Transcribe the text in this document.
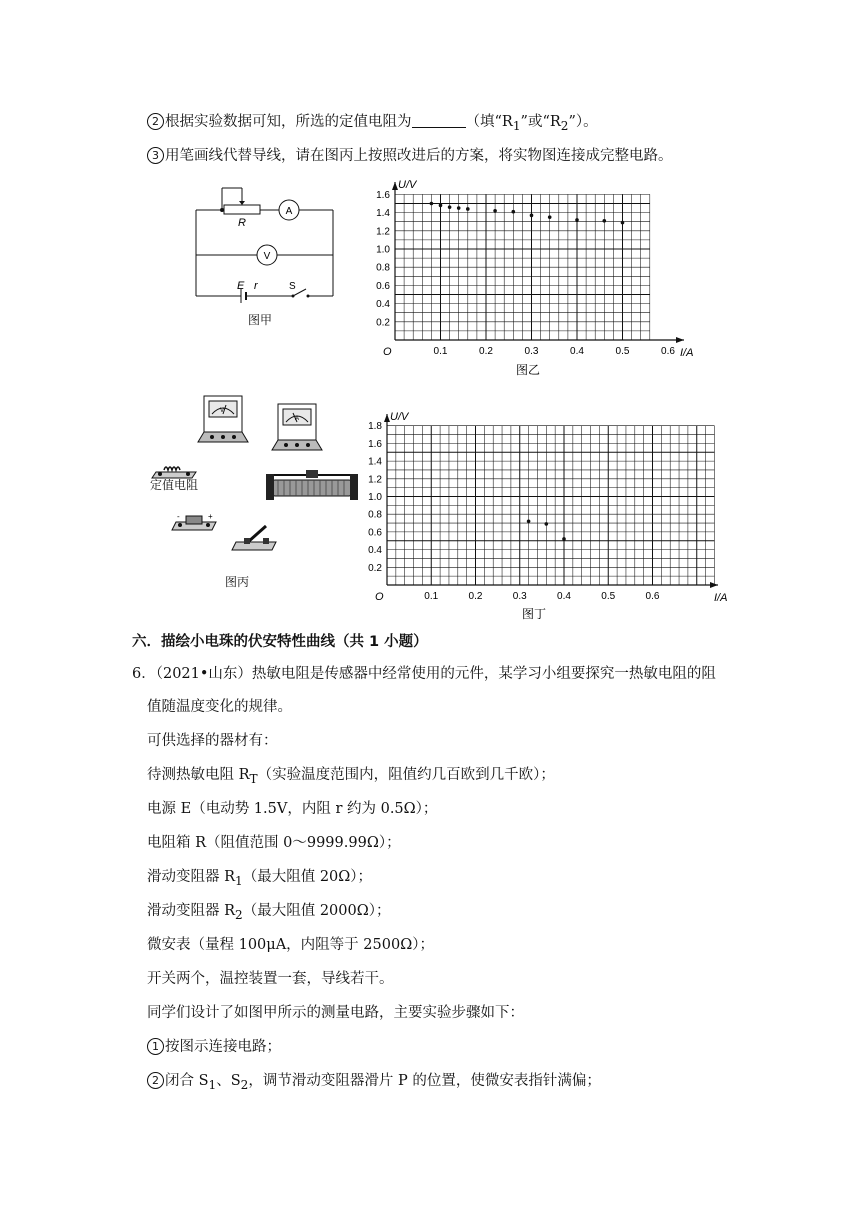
2 根据实验数据可知，所选的定值电阻为	（填“$R_1$”或“$R_2$”）。
3 用笔画线代替导线，请在图丙上按照改进后的方案，将实物图连接成完整电路。
R
A
V
E r	S
图甲
0.1	0.2	0.3	0.4	0.5	0.6
0.2
0.4
0.6
0.8
1.0
1.2
1.4
1.6
O
U/V
I/A
图乙
V
A
-	+
定值电阻
图丙
0.1	0.2	0.3	0.4	0.5	0.6
0.2
0.4
0.6
0.8
1.0
1.2
1.4
1.6
1.8
O
U/V
I/A
图丁
六．描绘小电珠的伏安特性曲线（共 1 小题）
6．（2021•山东）热敏电阻是传感器中经常使用的元件，某学习小组要探究一热敏电阻的阻
值随温度变化的规律。
可供选择的器材有：
待测热敏电阻 $R_T$（实验温度范围内，阻值约几百欧到几千欧）；
电源 E（电动势 1.5V，内阻 r 约为 0.5Ω）；
电阻箱 R（阻值范围 0～9999.99Ω）；
滑动变阻器 $R_1$（最大阻值 20Ω）；
滑动变阻器 $R_2$（最大阻值 2000Ω）；
微安表（量程 100μA，内阻等于 2500Ω）；
开关两个，温控装置一套，导线若干。
同学们设计了如图甲所示的测量电路，主要实验步骤如下：
1 按图示连接电路；
2 闭合 $S_1$、$S_2$，调节滑动变阻器滑片 P 的位置，使微安表指针满偏；
